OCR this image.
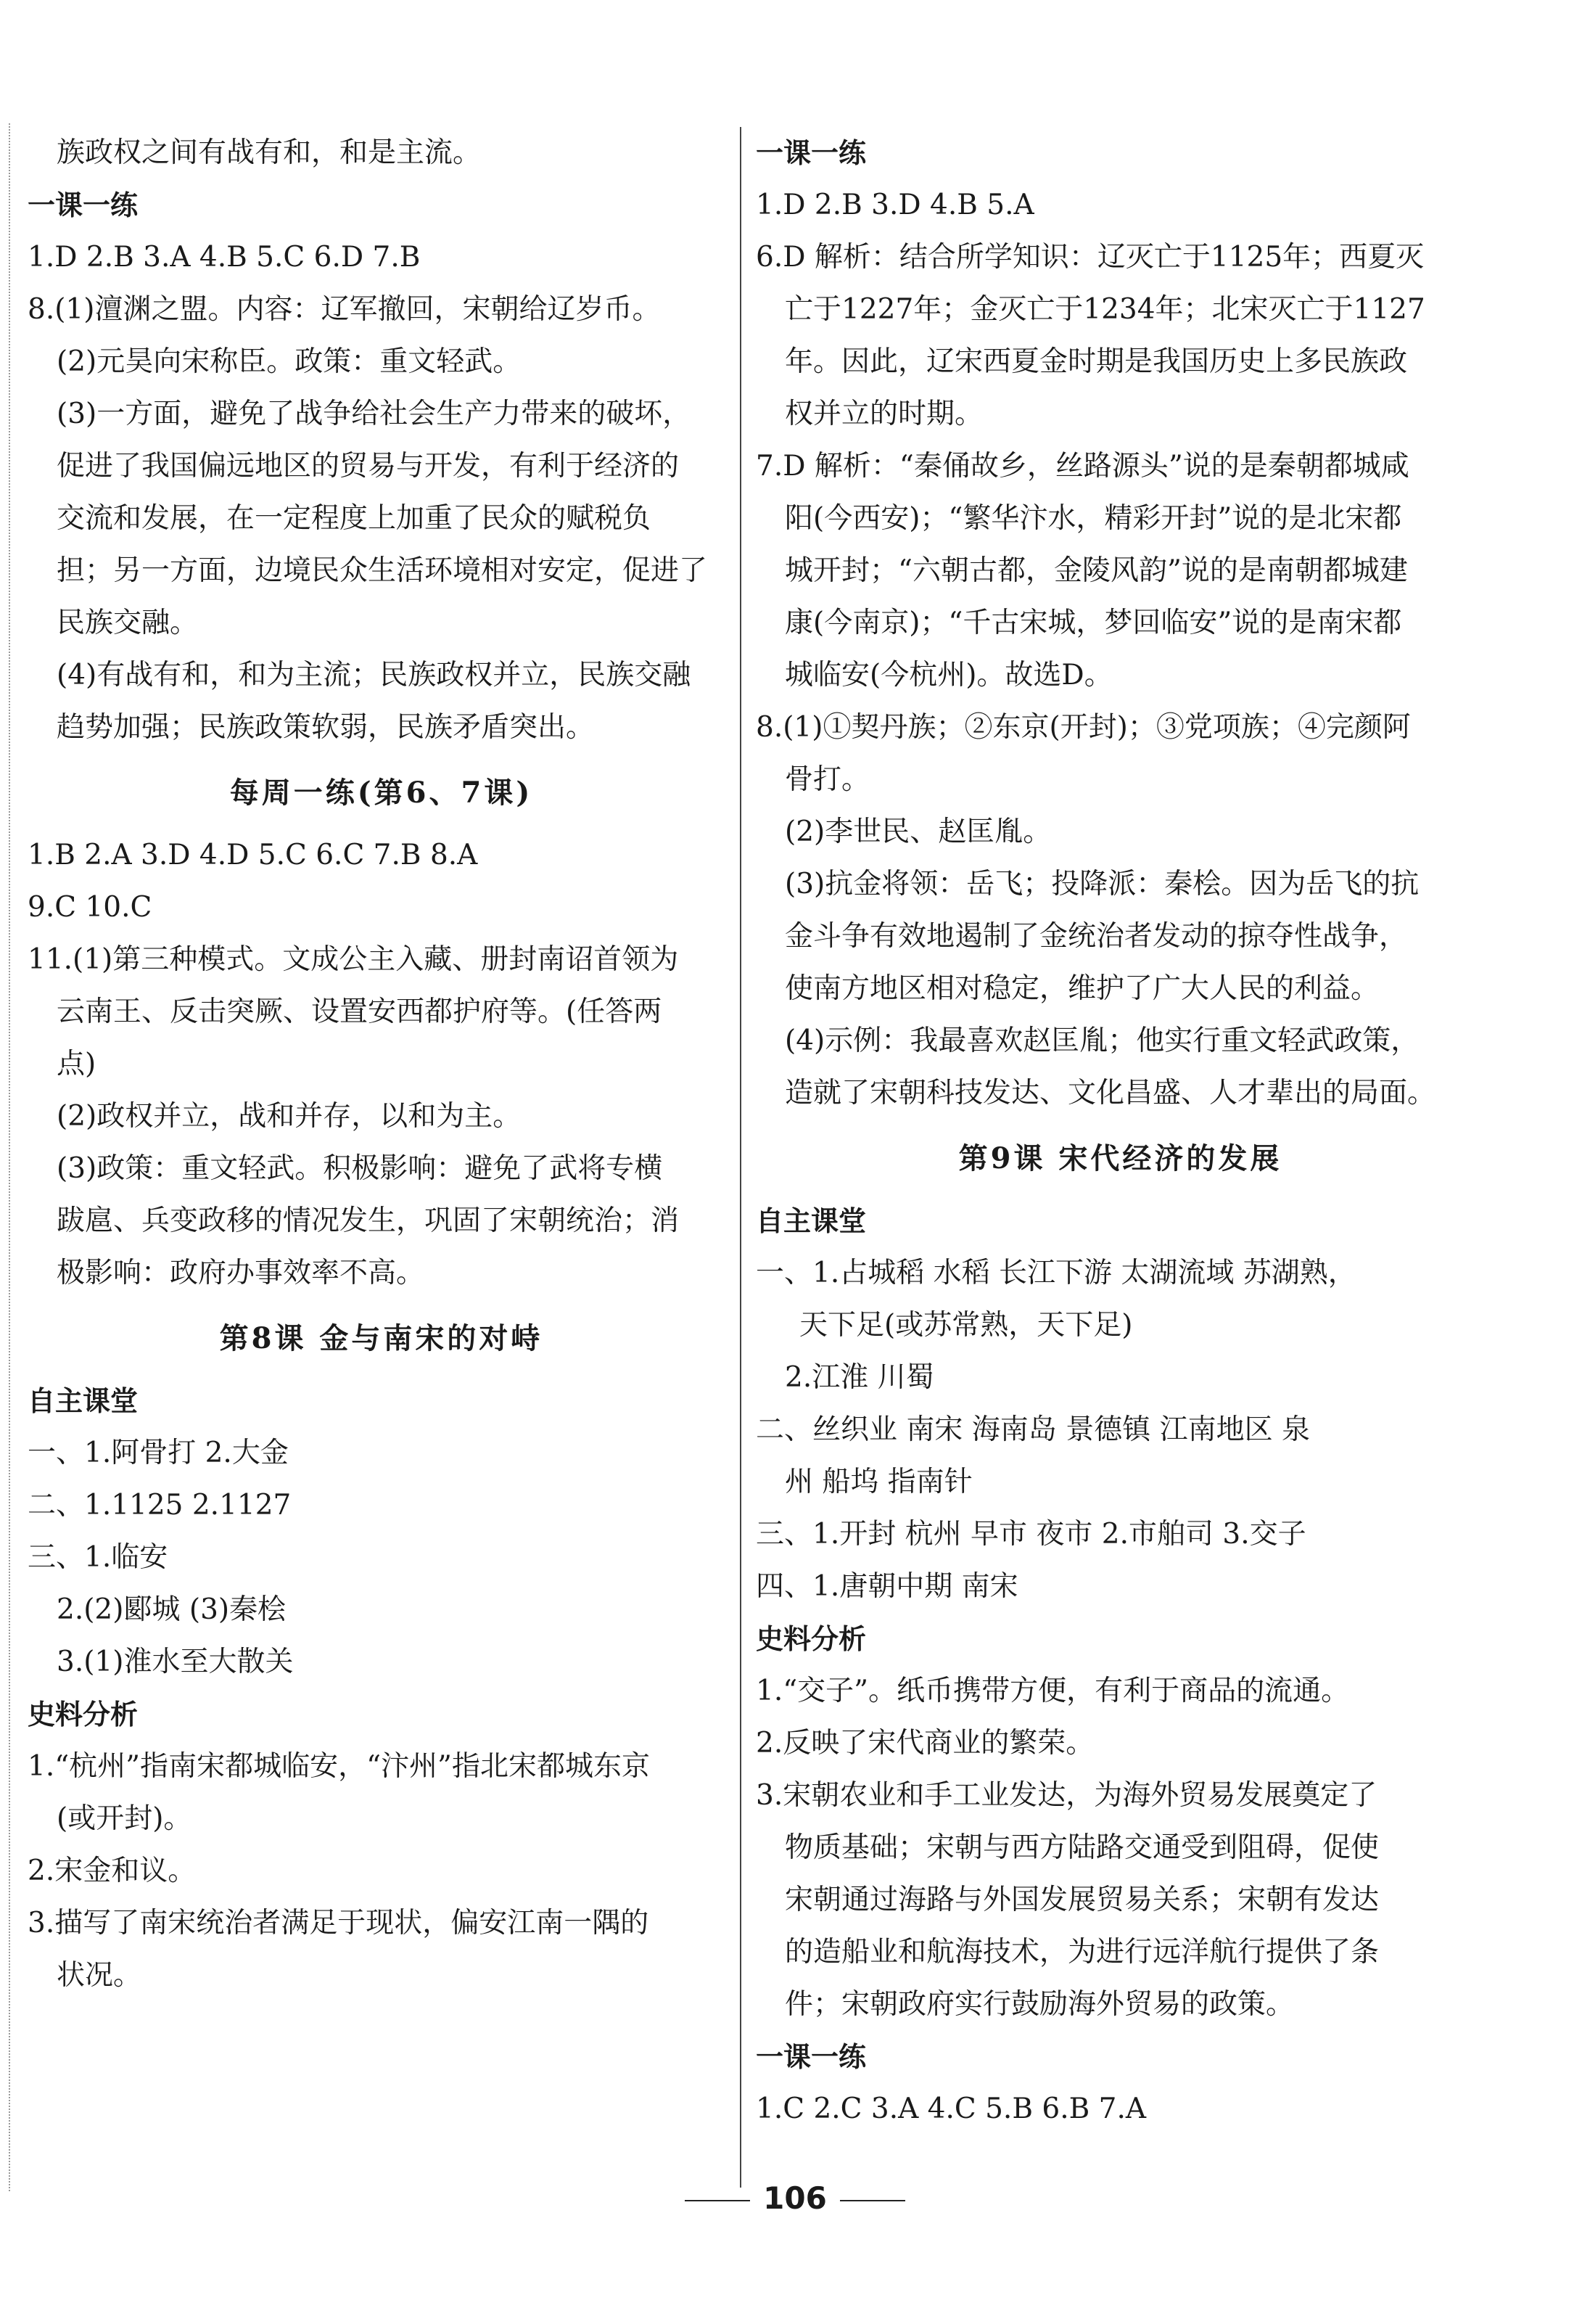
族政权之间有战有和，和是主流。
一课一练
1.D 2.B 3.A 4.B 5.C 6.D 7.B
8.(1)澶渊之盟。内容：辽军撤回，宋朝给辽岁币。
(2)元昊向宋称臣。政策：重文轻武。
(3)一方面，避免了战争给社会生产力带来的破坏，
促进了我国偏远地区的贸易与开发，有利于经济的
交流和发展，在一定程度上加重了民众的赋税负
担；另一方面，边境民众生活环境相对安定，促进了
民族交融。
(4)有战有和，和为主流；民族政权并立，民族交融
趋势加强；民族政策软弱，民族矛盾突出。
每周一练(第6、7课)
1.B 2.A 3.D 4.D 5.C 6.C 7.B 8.A
9.C 10.C
11.(1)第三种模式。文成公主入藏、册封南诏首领为
云南王、反击突厥、设置安西都护府等。(任答两
点)
(2)政权并立，战和并存，以和为主。
(3)政策：重文轻武。积极影响：避免了武将专横
跋扈、兵变政移的情况发生，巩固了宋朝统治；消
极影响：政府办事效率不高。
第8课 金与南宋的对峙
自主课堂
一、1.阿骨打 2.大金
二、1.1125 2.1127
三、1.临安
2.(2)郾城 (3)秦桧
3.(1)淮水至大散关
史料分析
1.“杭州”指南宋都城临安，“汴州”指北宋都城东京
(或开封)。
2.宋金和议。
3.描写了南宋统治者满足于现状，偏安江南一隅的
状况。
一课一练
1.D 2.B 3.D 4.B 5.A
6.D 解析：结合所学知识：辽灭亡于1125年；西夏灭
亡于1227年；金灭亡于1234年；北宋灭亡于1127
年。因此，辽宋西夏金时期是我国历史上多民族政
权并立的时期。
7.D 解析：“秦俑故乡，丝路源头”说的是秦朝都城咸
阳(今西安)；“繁华汴水，精彩开封”说的是北宋都
城开封；“六朝古都，金陵风韵”说的是南朝都城建
康(今南京)；“千古宋城，梦回临安”说的是南宋都
城临安(今杭州)。故选D。
8.(1)①契丹族；②东京(开封)；③党项族；④完颜阿
骨打。
(2)李世民、赵匡胤。
(3)抗金将领：岳飞；投降派：秦桧。因为岳飞的抗
金斗争有效地遏制了金统治者发动的掠夺性战争，
使南方地区相对稳定，维护了广大人民的利益。
(4)示例：我最喜欢赵匡胤；他实行重文轻武政策，
造就了宋朝科技发达、文化昌盛、人才辈出的局面。
第9课 宋代经济的发展
自主课堂
一、1.占城稻 水稻 长江下游 太湖流域 苏湖熟，
天下足(或苏常熟，天下足)
2.江淮 川蜀
二、丝织业 南宋 海南岛 景德镇 江南地区 泉
州 船坞 指南针
三、1.开封 杭州 早市 夜市 2.市舶司 3.交子
四、1.唐朝中期 南宋
史料分析
1.“交子”。纸币携带方便，有利于商品的流通。
2.反映了宋代商业的繁荣。
3.宋朝农业和手工业发达，为海外贸易发展奠定了
物质基础；宋朝与西方陆路交通受到阻碍，促使
宋朝通过海路与外国发展贸易关系；宋朝有发达
的造船业和航海技术，为进行远洋航行提供了条
件；宋朝政府实行鼓励海外贸易的政策。
一课一练
1.C 2.C 3.A 4.C 5.B 6.B 7.A
106
